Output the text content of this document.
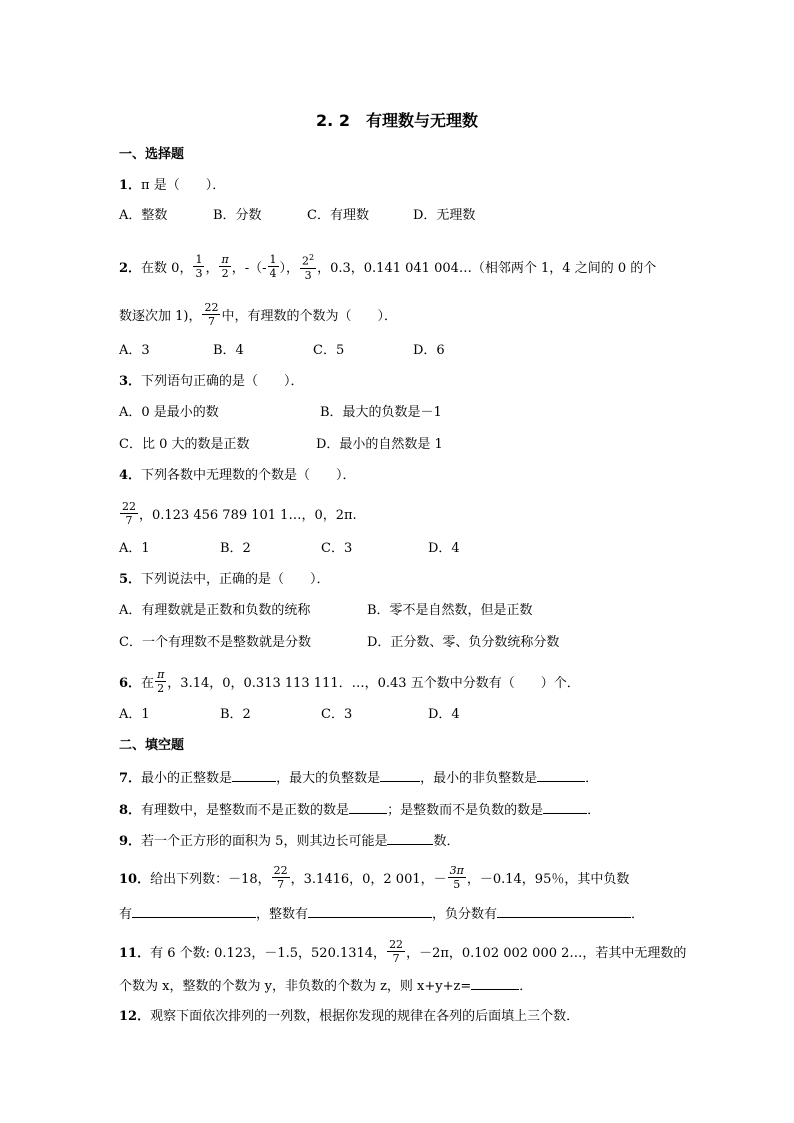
2. 2　有理数与无理数
一、选择题
1．π 是（　　）．
A．整数	B．分数	C．有理数	D．无理数
2．在数 0， $\frac{1}{3}$ ， $\frac{\pi}{2}$ ，-（- $\frac{1}{4}$ ）， $\frac{2^2}{3}$ ，0.3，0.141 041 004…（相邻两个 1，4 之间的 0 的个
数逐次加 1)， $\frac{22}{7}$ 中，有理数的个数为（　　）．
A．3	B．4	C．5	D．6
3．下列语句正确的是（　　）．
A．0 是最小的数	B．最大的负数是－1
C．比 0 大的数是正数	D．最小的自然数是 1
4．下列各数中无理数的个数是（　　）．
$\frac{22}{7}$ ，0.123 456 789 101 1…，0，2π.
A．1	B．2	C．3	D．4
5．下列说法中，正确的是（　　）．
A．有理数就是正数和负数的统称	B．零不是自然数，但是正数
C．一个有理数不是整数就是分数	D．正分数、零、负分数统称分数
6．在 $\frac{\pi}{2}$ ，3.14，0，0.313 113 111．…，0.43 五个数中分数有（　　）个．
A．1	B．2	C．3	D．4
二、填空题
7．最小的正整数是	，最大的负整数是	，最小的非负整数是	．
8．有理数中，是整数而不是正数的数是	；是整数而不是负数的数是	．
9．若一个正方形的面积为 5，则其边长可能是	数．
10．给出下列数：－18， $\frac{22}{7}$ ，3.1416，0，2 001，－ $\frac{3\pi}{5}$ ，－0.14，95％，其中负数
有	，整数有	，负分数有	．
11．有 6 个数: 0.123，－1.5，520.1314， $\frac{22}{7}$ ，－2π，0.102 002 000 2…，若其中无理数的
个数为 x，整数的个数为 y，非负数的个数为 z，则 x+y+z=	．
12．观察下面依次排列的一列数，根据你发现的规律在各列的后面填上三个数．
